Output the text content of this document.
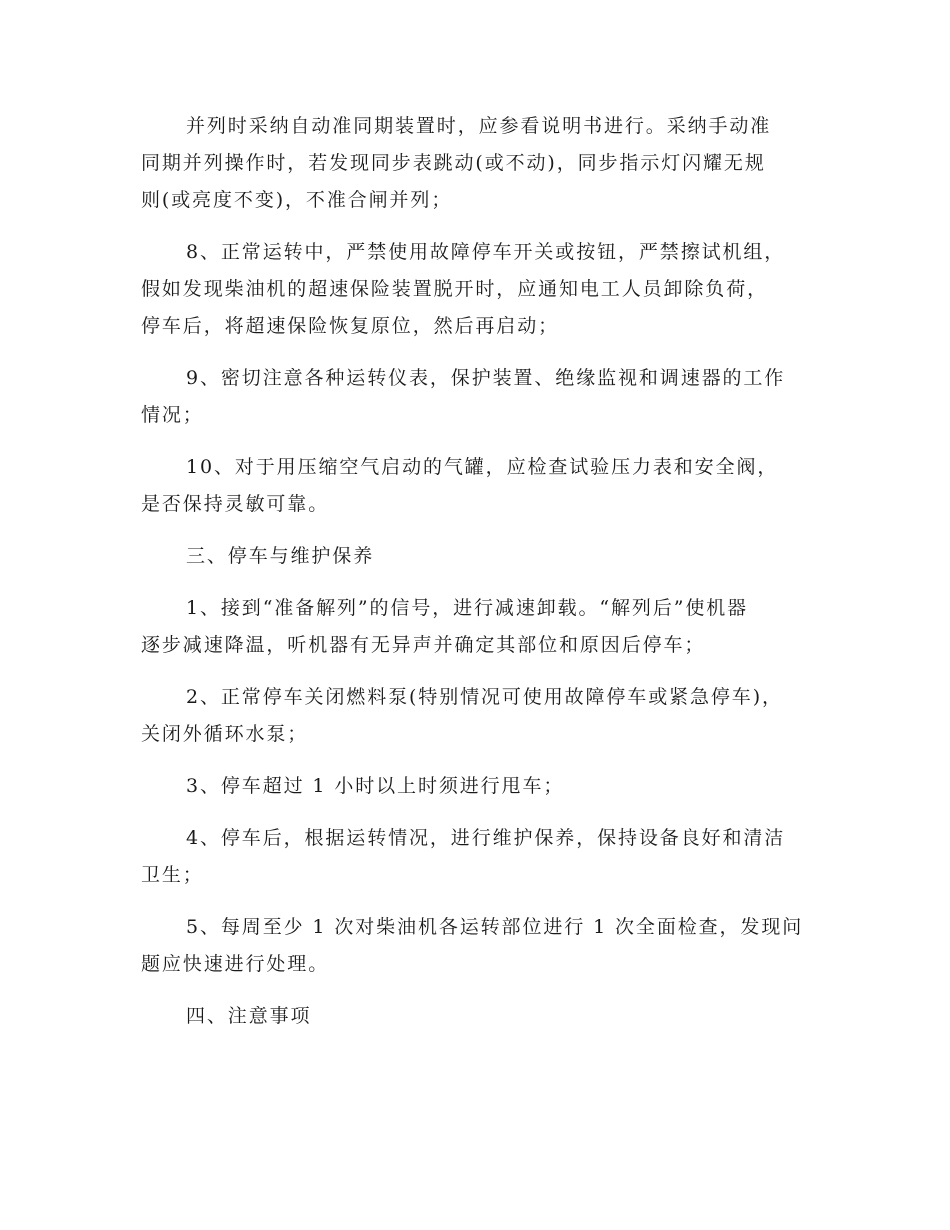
并列时采纳自动准同期装置时，应参看说明书进行。采纳手动准
同期并列操作时，若发现同步表跳动(或不动)，同步指示灯闪耀无规
则(或亮度不变)，不准合闸并列；
8、正常运转中，严禁使用故障停车开关或按钮，严禁擦试机组，
假如发现柴油机的超速保险装置脱开时，应通知电工人员卸除负荷，
停车后，将超速保险恢复原位，然后再启动；
9、密切注意各种运转仪表，保护装置、绝缘监视和调速器的工作
情况；
10、对于用压缩空气启动的气罐，应检查试验压力表和安全阀，
是否保持灵敏可靠。
三、停车与维护保养
1、接到“准备解列”的信号，进行减速卸载。“解列后”使机器
逐步减速降温，听机器有无异声并确定其部位和原因后停车；
2、正常停车关闭燃料泵(特别情况可使用故障停车或紧急停车)，
关闭外循环水泵；
3、停车超过 1 小时以上时须进行甩车；
4、停车后，根据运转情况，进行维护保养，保持设备良好和清洁
卫生；
5、每周至少 1 次对柴油机各运转部位进行 1 次全面检查，发现问
题应快速进行处理。
四、注意事项
